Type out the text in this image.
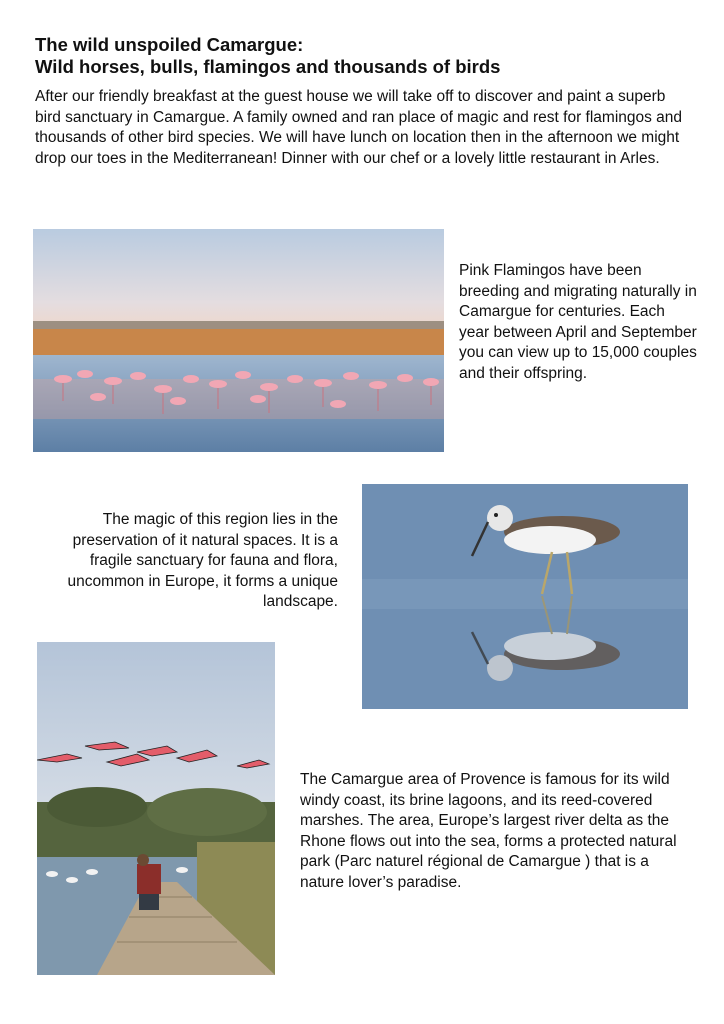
The wild unspoiled Camargue:
Wild horses, bulls, flamingos and thousands of birds

After our friendly breakfast at the guest house we will take off to discover and paint a superb bird sanctuary in Camargue. A family owned and ran place of magic and rest for flamingos and thousands of other bird species. We will have lunch on location then in the afternoon we might drop our toes in the Mediterranean! Dinner with our chef or a lovely little restaurant in Arles.

Pink Flamingos have been breeding and migrating naturally in Camargue for centuries. Each year between April and September you can view up to 15,000 couples and their offspring.

The magic of this region lies in the preservation of it natural spaces. It is a fragile sanctuary for fauna and flora, uncommon in Europe, it forms a unique landscape.

The Camargue area of Provence is famous for its wild windy coast, its brine lagoons, and its reed-covered marshes. The area, Europe’s largest river delta as the Rhone flows out into the sea, forms a protected natural park (Parc naturel régional de Camargue ) that is a nature lover’s paradise.
